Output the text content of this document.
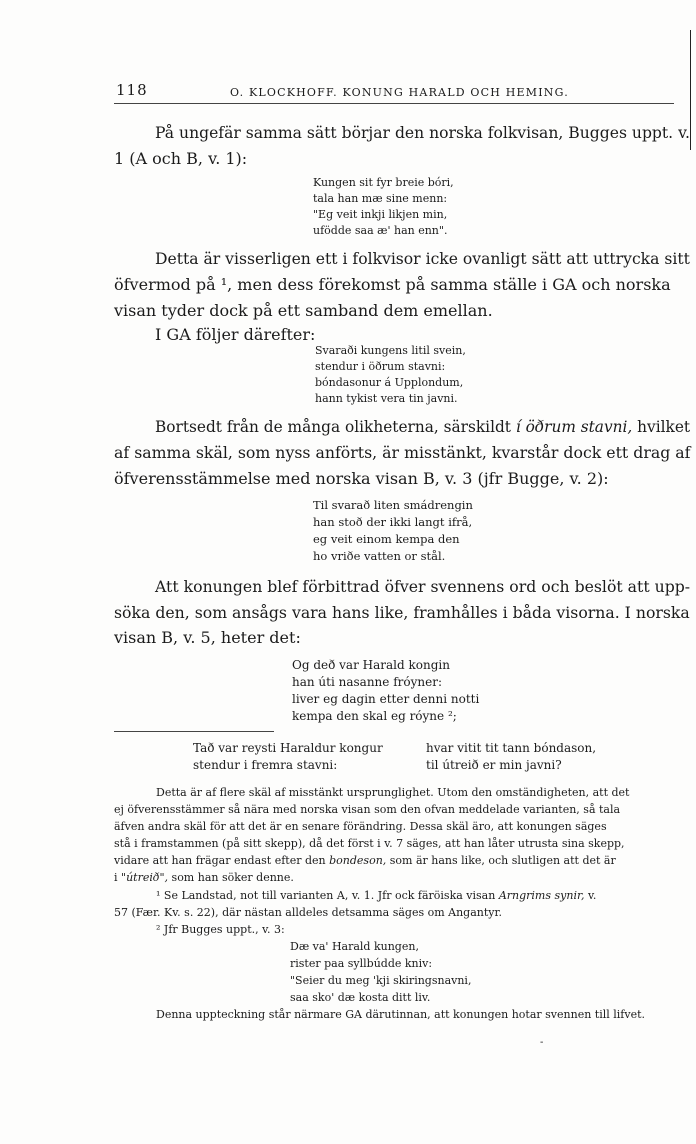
118	O. KLOCKHOFF. KONUNG HARALD OCH HEMING.
På ungefär samma sätt börjar den norska folkvisan, Bugges uppt. v.
1 (A och B, v. 1):
Kungen sit fyr breie bóri,
tala han mæ sine menn:
"Eg veit inkji likjen min,
ufödde saa æ' han enn".
Detta är visserligen ett i folkvisor icke ovanligt sätt att uttrycka sitt
öfvermod på ¹, men dess förekomst på samma ställe i GA och norska
visan tyder dock på ett samband dem emellan.
I GA följer därefter:
Svaraði kungens litil svein,
stendur i öðrum stavni:
bóndasonur á Upplondum,
hann tykist vera tin javni.
Bortsedt från de många olikheterna, särskildt í öðrum stavni, hvilket
af samma skäl, som nyss anförts, är misstänkt, kvarstår dock ett drag af
öfverensstämmelse med norska visan B, v. 3 (jfr Bugge, v. 2):
Til svarað liten smádrengin
han stoð der ikki langt ifrå,
eg veit einom kempa den
ho vriðe vatten or stål.
Att konungen blef förbittrad öfver svennens ord och beslöt att upp-
söka den, som ansågs vara hans like, framhålles i båda visorna. I norska
visan B, v. 5, heter det:
Og deð var Harald kongin
han úti nasanne fróyner:
liver eg dagin etter denni notti
kempa den skal eg róyne ²;
Tað var reysti Haraldur kongur
stendur i fremra stavni:
hvar vitit tit tann bóndason,
til útreið er min javni?
Detta är af flere skäl af misstänkt ursprunglighet. Utom den omständigheten, att det
ej öfverensstämmer så nära med norska visan som den ofvan meddelade varianten, så tala
äfven andra skäl för att det är en senare förändring. Dessa skäl äro, att konungen säges
stå i framstammen (på sitt skepp), då det först i v. 7 säges, att han låter utrusta sina skepp,
vidare att han frägar endast efter den bondeson, som är hans like, och slutligen att det är
i "útreið", som han söker denne.
¹ Se Landstad, not till varianten A, v. 1. Jfr ock färöiska visan Arngrims synir, v.
57 (Fær. Kv. s. 22), där nästan alldeles detsamma säges om Angantyr.
² Jfr Bugges uppt., v. 3:
Dæ va' Harald kungen,
rister paa syllbúdde kniv:
"Seier du meg 'kji skiringsnavni,
saa sko' dæ kosta ditt liv.
Denna uppteckning står närmare GA därutinnan, att konungen hotar svennen till lifvet.
-
